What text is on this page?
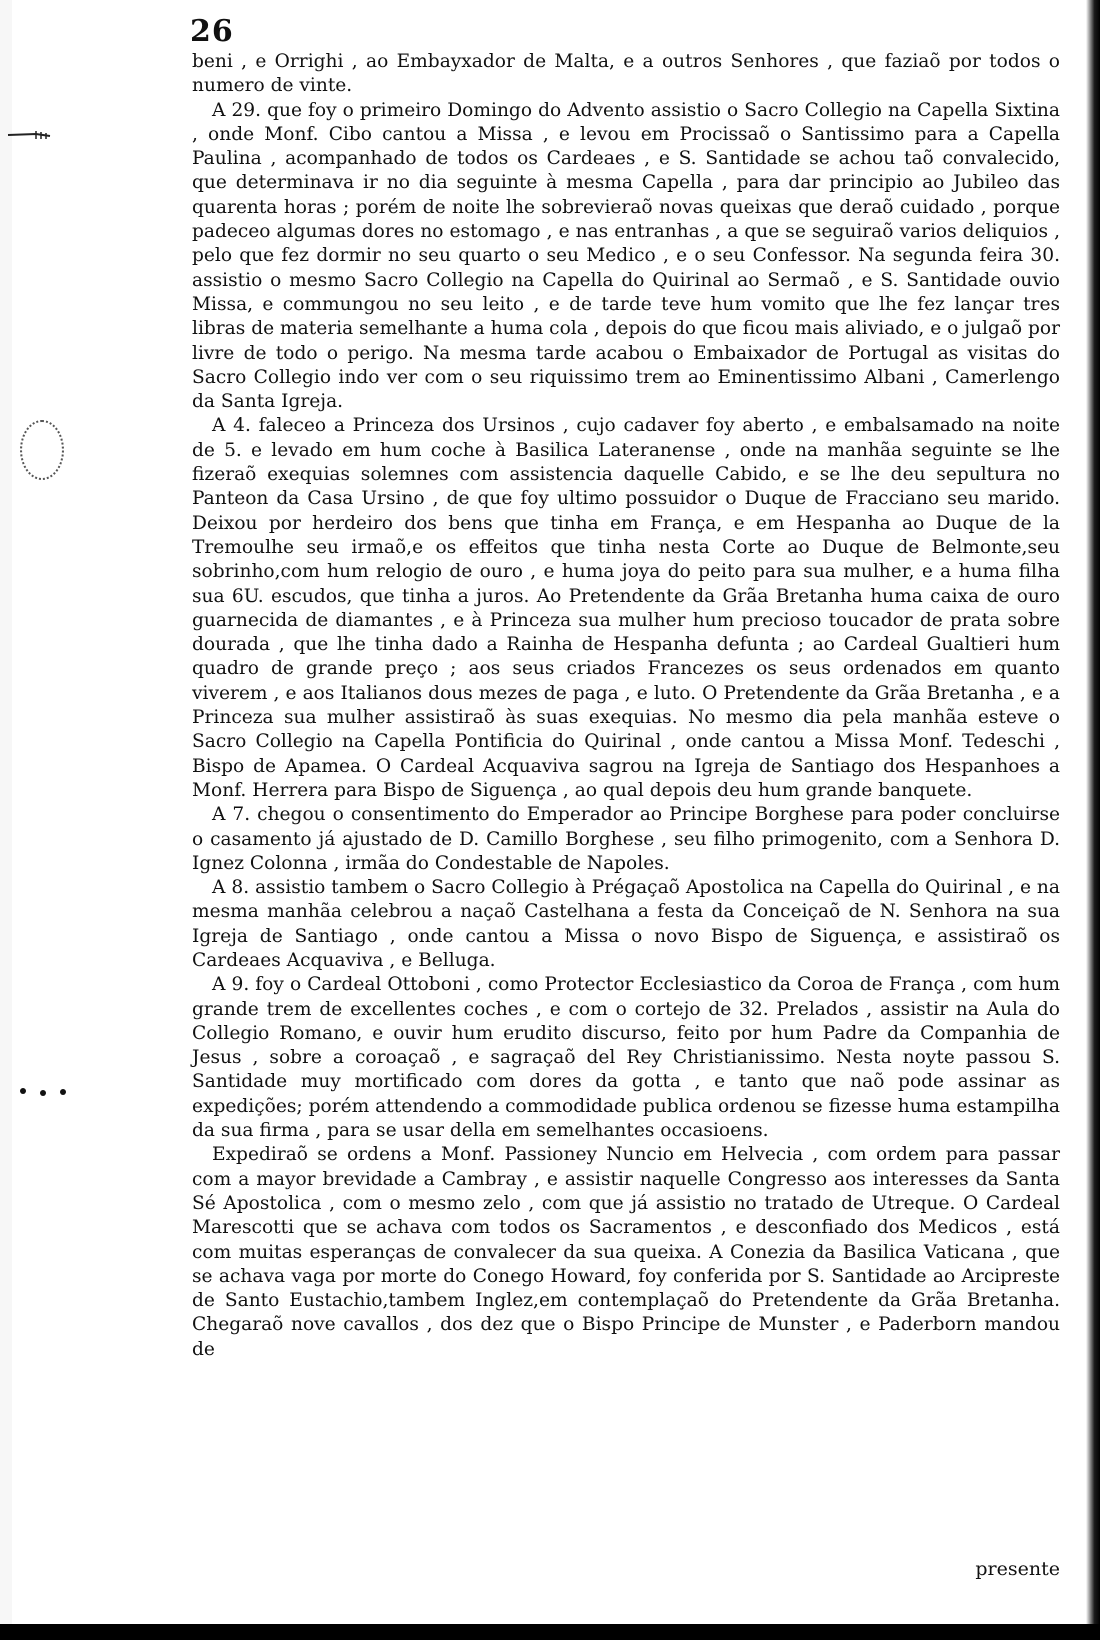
26

beni , e Orrighi , ao Embayxador de Malta, e a outros Senhores , que faziaõ por todos o numero de vinte.

A 29. que foy o primeiro Domingo do Advento assistio o Sacro Collegio na Capella Sixtina , onde Monf. Cibo cantou a Missa , e levou em Procissaõ o Santissimo para a Capella Paulina , acompanhado de todos os Cardeaes , e S. Santidade se achou taõ convalecido, que determinava ir no dia seguinte à mesma Capella , para dar principio ao Jubileo das quarenta horas ; porém de noite lhe sobrevieraõ novas queixas que deraõ cuidado , porque padeceo algumas dores no estomago , e nas entranhas , a que se seguiraõ varios deliquios , pelo que fez dormir no seu quarto o seu Medico , e o seu Confessor. Na segunda feira 30. assistio o mesmo Sacro Collegio na Capella do Quirinal ao Sermaõ , e S. Santidade ouvio Missa, e commungou no seu leito , e de tarde teve hum vomito que lhe fez lançar tres libras de materia semelhante a huma cola , depois do que ficou mais aliviado, e o julgaõ por livre de todo o perigo. Na mesma tarde acabou o Embaixador de Portugal as visitas do Sacro Collegio indo ver com o seu riquissimo trem ao Eminentissimo Albani , Camerlengo da Santa Igreja.

A 4. faleceo a Princeza dos Ursinos , cujo cadaver foy aberto , e embalsamado na noite de 5. e levado em hum coche à Basilica Lateranense , onde na manhãa seguinte se lhe fizeraõ exequias solemnes com assistencia daquelle Cabido, e se lhe deu sepultura no Panteon da Casa Ursino , de que foy ultimo possuidor o Duque de Fracciano seu marido. Deixou por herdeiro dos bens que tinha em França, e em Hespanha ao Duque de la Tremoulhe seu irmaõ,e os effeitos que tinha nesta Corte ao Duque de Belmonte,seu sobrinho,com hum relogio de ouro , e huma joya do peito para sua mulher, e a huma filha sua 6U. escudos, que tinha a juros. Ao Pretendente da Grãa Bretanha huma caixa de ouro guarnecida de diamantes , e à Princeza sua mulher hum precioso toucador de prata sobre dourada , que lhe tinha dado a Rainha de Hespanha defunta ; ao Cardeal Gualtieri hum quadro de grande preço ; aos seus criados Francezes os seus ordenados em quanto viverem , e aos Italianos dous mezes de paga , e luto. O Pretendente da Grãa Bretanha , e a Princeza sua mulher assistiraõ às suas exequias. No mesmo dia pela manhãa esteve o Sacro Collegio na Capella Pontificia do Quirinal , onde cantou a Missa Monf. Tedeschi , Bispo de Apamea. O Cardeal Acquaviva sagrou na Igreja de Santiago dos Hespanhoes a Monf. Herrera para Bispo de Siguença , ao qual depois deu hum grande banquete.

A 7. chegou o consentimento do Emperador ao Principe Borghese para poder concluirse o casamento já ajustado de D. Camillo Borghese , seu filho primogenito, com a Senhora D. Ignez Colonna , irmãa do Condestable de Napoles.

A 8. assistio tambem o Sacro Collegio à Prégaçaõ Apostolica na Capella do Quirinal , e na mesma manhãa celebrou a naçaõ Castelhana a festa da Conceiçaõ de N. Senhora na sua Igreja de Santiago , onde cantou a Missa o novo Bispo de Siguença, e assistiraõ os Cardeaes Acquaviva , e Belluga.

A 9. foy o Cardeal Ottoboni , como Protector Ecclesiastico da Coroa de França , com hum grande trem de excellentes coches , e com o cortejo de 32. Prelados , assistir na Aula do Collegio Romano, e ouvir hum erudito discurso, feito por hum Padre da Companhia de Jesus , sobre a coroaçaõ , e sagraçaõ del Rey Christianissimo. Nesta noyte passou S. Santidade muy mortificado com dores da gotta , e tanto que naõ pode assinar as expedições; porém attendendo a commodidade publica ordenou se fizesse huma estampilha da sua firma , para se usar della em semelhantes occasioens.

Expediraõ se ordens a Monf. Passioney Nuncio em Helvecia , com ordem para passar com a mayor brevidade a Cambray , e assistir naquelle Congresso aos interesses da Santa Sé Apostolica , com o mesmo zelo , com que já assistio no tratado de Utreque. O Cardeal Marescotti que se achava com todos os Sacramentos , e desconfiado dos Medicos , está com muitas esperanças de convalecer da sua queixa. A Conezia da Basilica Vaticana , que se achava vaga por morte do Conego Howard, foy conferida por S. Santidade ao Arcipreste de Santo Eustachio,tambem Inglez,em contemplaçaõ do Pretendente da Grãa Bretanha. Chegaraõ nove cavallos , dos dez que o Bispo Principe de Munster , e Paderborn mandou de

presente
